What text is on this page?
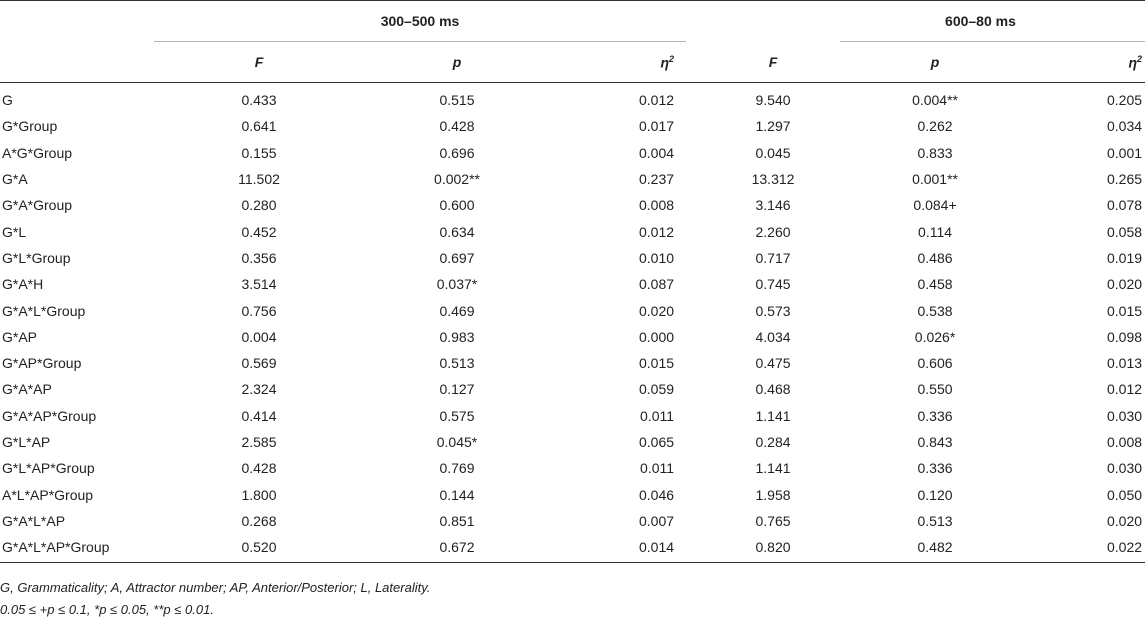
	300–500 ms				600–80 ms	
	F	p	$\eta^2$	F	p	$\eta^2$
G	0.433	0.515	0.012	9.540	0.004**	0.205
G*Group	0.641	0.428	0.017	1.297	0.262	0.034
A*G*Group	0.155	0.696	0.004	0.045	0.833	0.001
G*A	11.502	0.002**	0.237	13.312	0.001**	0.265
G*A*Group	0.280	0.600	0.008	3.146	0.084+	0.078
G*L	0.452	0.634	0.012	2.260	0.114	0.058
G*L*Group	0.356	0.697	0.010	0.717	0.486	0.019
G*A*H	3.514	0.037*	0.087	0.745	0.458	0.020
G*A*L*Group	0.756	0.469	0.020	0.573	0.538	0.015
G*AP	0.004	0.983	0.000	4.034	0.026*	0.098
G*AP*Group	0.569	0.513	0.015	0.475	0.606	0.013
G*A*AP	2.324	0.127	0.059	0.468	0.550	0.012
G*A*AP*Group	0.414	0.575	0.011	1.141	0.336	0.030
G*L*AP	2.585	0.045*	0.065	0.284	0.843	0.008
G*L*AP*Group	0.428	0.769	0.011	1.141	0.336	0.030
A*L*AP*Group	1.800	0.144	0.046	1.958	0.120	0.050
G*A*L*AP	0.268	0.851	0.007	0.765	0.513	0.020
G*A*L*AP*Group	0.520	0.672	0.014	0.820	0.482	0.022
G, Grammaticality; A, Attractor number; AP, Anterior/Posterior; L, Laterality.
0.05 ≤ +p ≤ 0.1, *p ≤ 0.05, **p ≤ 0.01.
